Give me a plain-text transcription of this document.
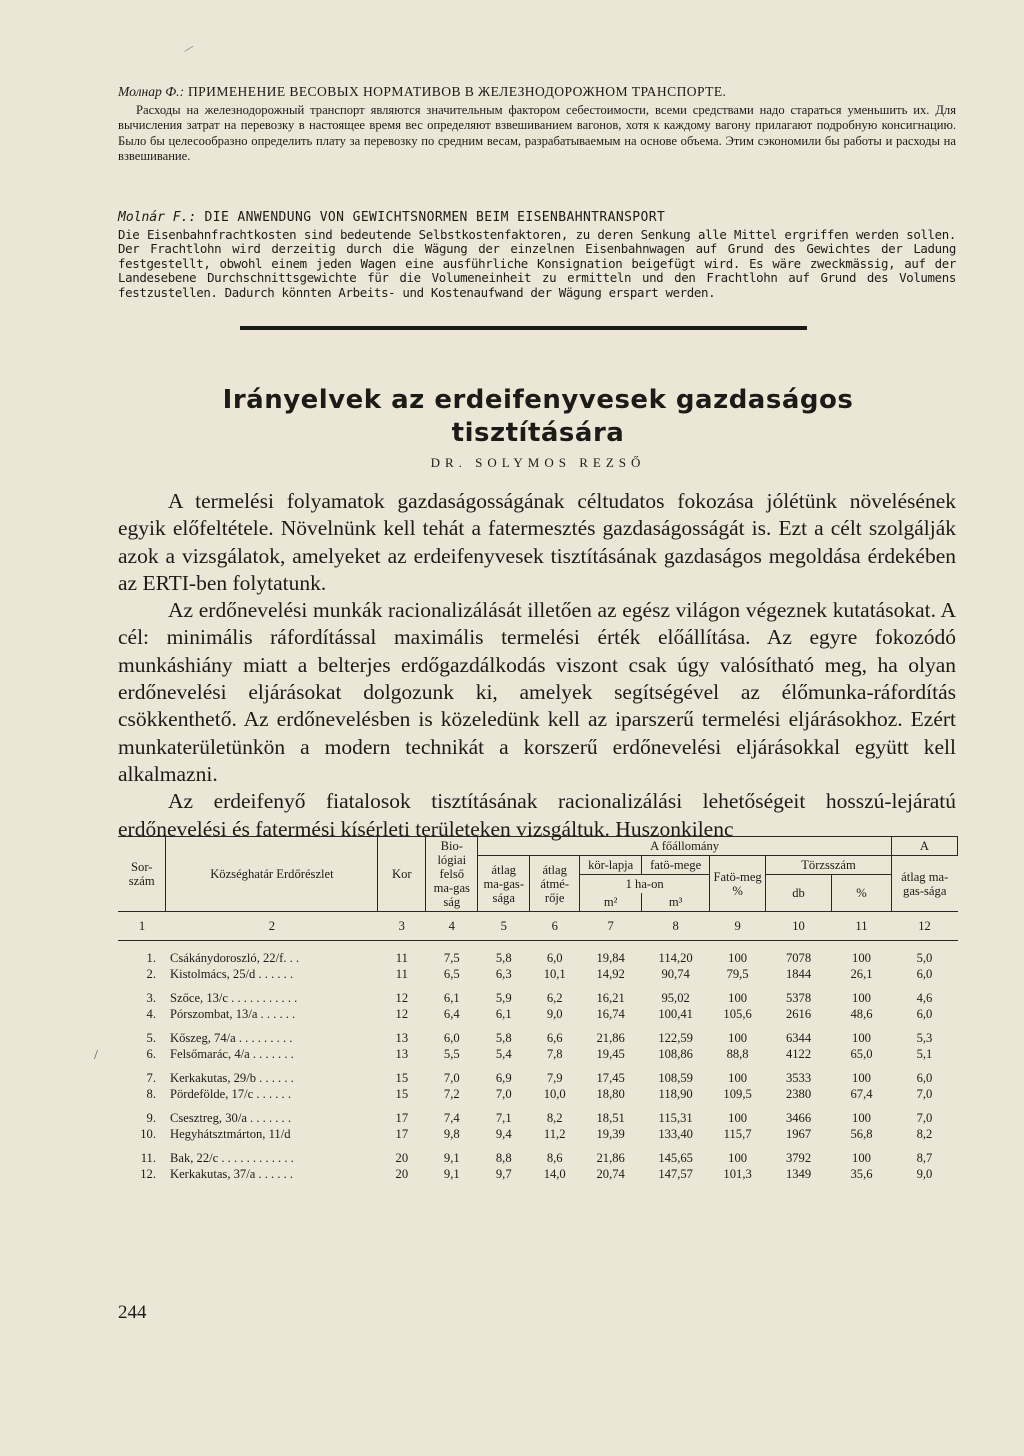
/

Молнар Ф.: ПРИМЕНЕНИЕ ВЕСОВЫХ НОРМАТИВОВ В ЖЕЛЕЗНОДОРОЖНОМ ТРАНСПОРТЕ.

Расходы на железнодорожный транспорт являются значительным фактором себестоимости, всеми средствами надо стараться уменьшить их. Для вычисления затрат на перевозку в настоящее время вес определяют взвешиванием вагонов, хотя к каждому вагону прилагают подробную консигнацию. Было бы целесообразно определить плату за перевозку по средним весам, разрабатываемым на основе объема. Этим сэкономили бы работы и расходы на взвешивание.

Molnár F.: DIE ANWENDUNG VON GEWICHTSNORMEN BEIM EISENBAHNTRANSPORT

Die Eisenbahnfrachtkosten sind bedeutende Selbstkostenfaktoren, zu deren Senkung alle Mittel ergriffen werden sollen. Der Frachtlohn wird derzeitig durch die Wägung der einzelnen Eisenbahnwagen auf Grund des Gewichtes der Ladung festgestellt, obwohl einem jeden Wagen eine ausführliche Konsignation beigefügt wird. Es wäre zweckmässig, auf der Landesebene Durchschnittsgewichte für die Volumeneinheit zu ermitteln und den Frachtlohn auf Grund des Volumens festzustellen. Dadurch könnten Arbeits- und Kostenaufwand der Wägung erspart werden.

Irányelvek az erdeifenyvesek gazdaságos
tisztítására
DR. SOLYMOS REZSŐ

A termelési folyamatok gazdaságosságának céltudatos fokozása jólétünk növelésének egyik előfeltétele. Növelnünk kell tehát a fatermesztés gazdaságosságát is. Ezt a célt szolgálják azok a vizsgálatok, amelyeket az erdeifenyvesek tisztításának gazdaságos megoldása érdekében az ERTI-ben folytatunk.

Az erdőnevelési munkák racionalizálását illetően az egész világon végeznek kutatásokat. A cél: minimális ráfordítással maximális termelési érték előállítása. Az egyre fokozódó munkáshiány miatt a belterjes erdőgazdálkodás viszont csak úgy valósítható meg, ha olyan erdőnevelési eljárásokat dolgozunk ki, amelyek segítségével az élőmunka-ráfordítás csökkenthető. Az erdőnevelésben is közeledünk kell az iparszerű termelési eljárásokhoz. Ezért munkaterületünkön a modern technikát a korszerű erdőnevelési eljárásokkal együtt kell alkalmazni.

Az erdeifenyő fiatalosok tisztításának racionalizálási lehetőségeit hosszú-lejáratú erdőnevelési és fatermési kísérleti területeken vizsgáltuk. Huszonkilenc

/
Sor-szám	Községhatár Erdőrészlet	Kor	Bio-lógiai felső ma-gas ság	A főállomány							A
				átlag ma-gas-sága	átlag átmé-rője	kör-lapja	fatö-mege	Fatö-meg %	Törzsszám		átlag ma-gas-sága
						1 ha-on			db	%	
						m²	m³				
1	2	3	4	5	6	7	8	9	10	11	12
1.	Csákánydoroszló, 22/f. . .	11	7,5	5,8	6,0	19,84	114,20	100	7078	100	5,0
2.	Kistolmács, 25/d . . . . . .	11	6,5	6,3	10,1	14,92	90,74	79,5	1844	26,1	6,0
3.	Szőce, 13/c . . . . . . . . . . .	12	6,1	5,9	6,2	16,21	95,02	100	5378	100	4,6
4.	Pórszombat, 13/a . . . . . .	12	6,4	6,1	9,0	16,74	100,41	105,6	2616	48,6	6,0
5.	Kőszeg, 74/a . . . . . . . . .	13	6,0	5,8	6,6	21,86	122,59	100	6344	100	5,3
6.	Felsőmarác, 4/a . . . . . . .	13	5,5	5,4	7,8	19,45	108,86	88,8	4122	65,0	5,1
7.	Kerkakutas, 29/b . . . . . .	15	7,0	6,9	7,9	17,45	108,59	100	3533	100	6,0
8.	Pördefölde, 17/c . . . . . .	15	7,2	7,0	10,0	18,80	118,90	109,5	2380	67,4	7,0
9.	Csesztreg, 30/a . . . . . . .	17	7,4	7,1	8,2	18,51	115,31	100	3466	100	7,0
10.	Hegyhátsztmárton, 11/d	17	9,8	9,4	11,2	19,39	133,40	115,7	1967	56,8	8,2
11.	Bak, 22/c . . . . . . . . . . . .	20	9,1	8,8	8,6	21,86	145,65	100	3792	100	8,7
12.	Kerkakutas, 37/a . . . . . .	20	9,1	9,7	14,0	20,74	147,57	101,3	1349	35,6	9,0
244
